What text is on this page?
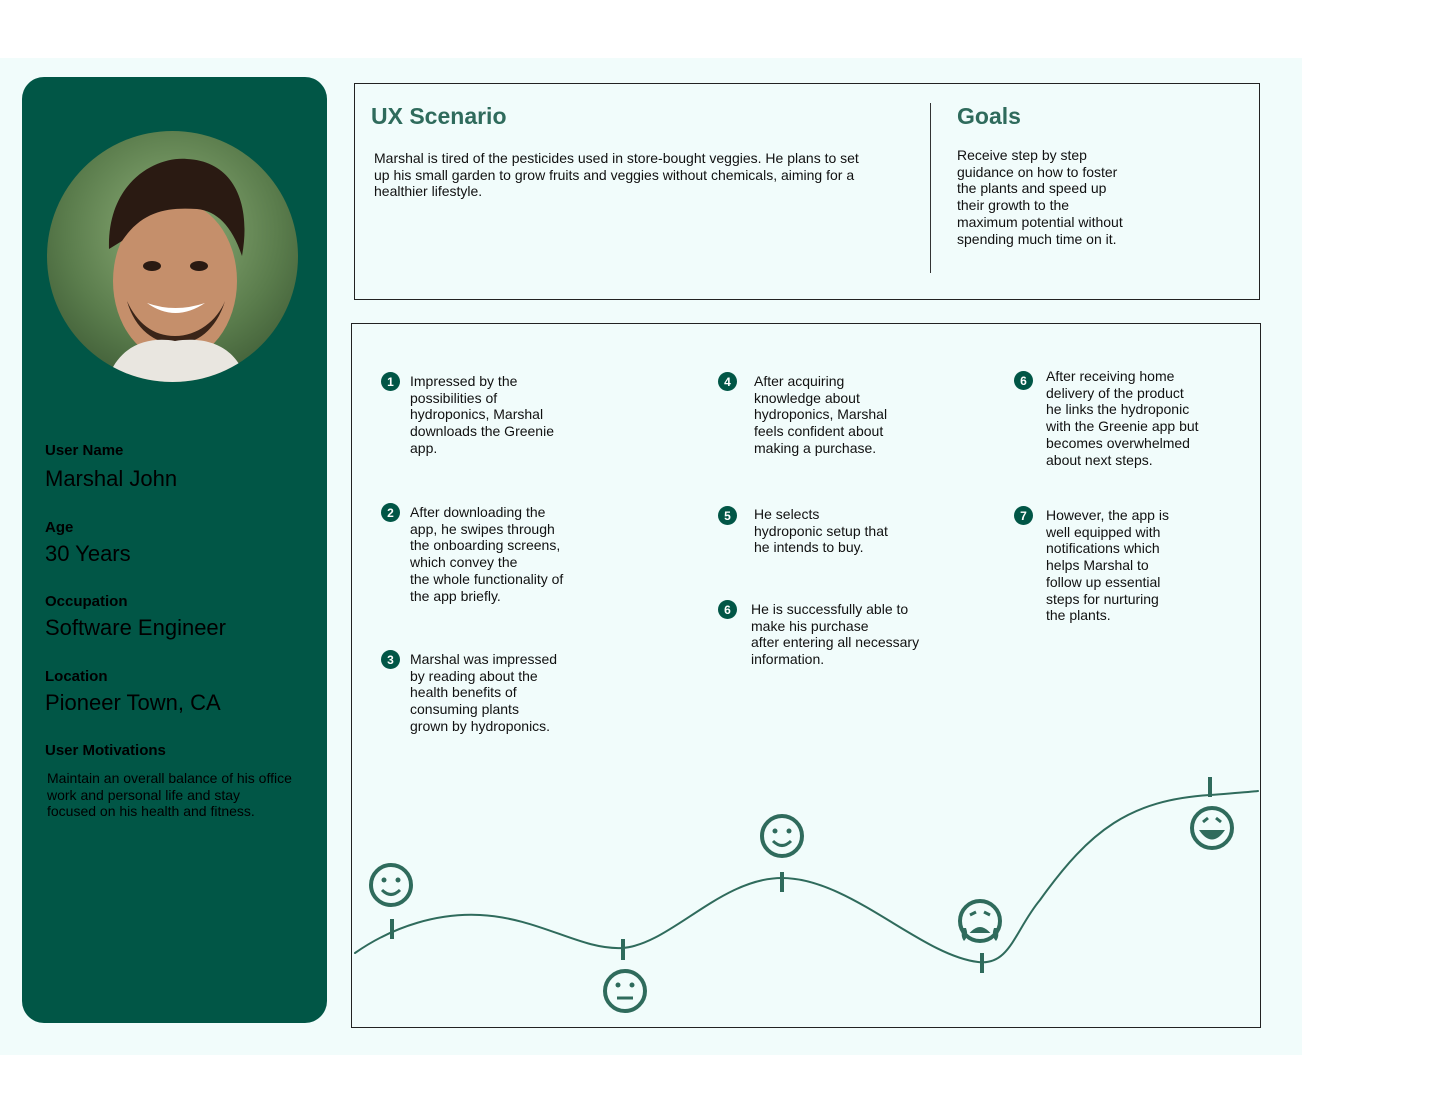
User Name
Marshal John
Age
30 Years
Occupation
Software Engineer
Location
Pioneer Town, CA
User Motivations
Maintain an overall balance of his office work and personal life and stay focused on his health and fitness.
UX Scenario
Marshal is tired of the pesticides used in store-bought veggies. He plans to set
up his small garden to grow fruits and veggies without chemicals, aiming for a
healthier lifestyle.
Goals
Receive step by step
guidance on how to foster
the plants and speed up
their growth to the
maximum potential without
spending much time on it.
1	Impressed by the
possibilities of
hydroponics, Marshal
downloads the Greenie
app.
2	After downloading the
app, he swipes through
the onboarding screens,
which convey the
the whole functionality of
the app briefly.
3	Marshal was impressed
by reading about the
health benefits of
consuming plants
grown by hydroponics.
4	After acquiring
knowledge about
hydroponics, Marshal
feels confident about
making a purchase.
5	He selects
hydroponic setup that
he intends to buy.
6	He is successfully able to
make his purchase
after entering all necessary
information.
6	After receiving home
delivery of the product
he links the hydroponic
with the Greenie app but
becomes overwhelmed
about next steps.
7	However, the app is
well equipped with
notifications which
helps Marshal to
follow up essential
steps for nurturing
the plants.
